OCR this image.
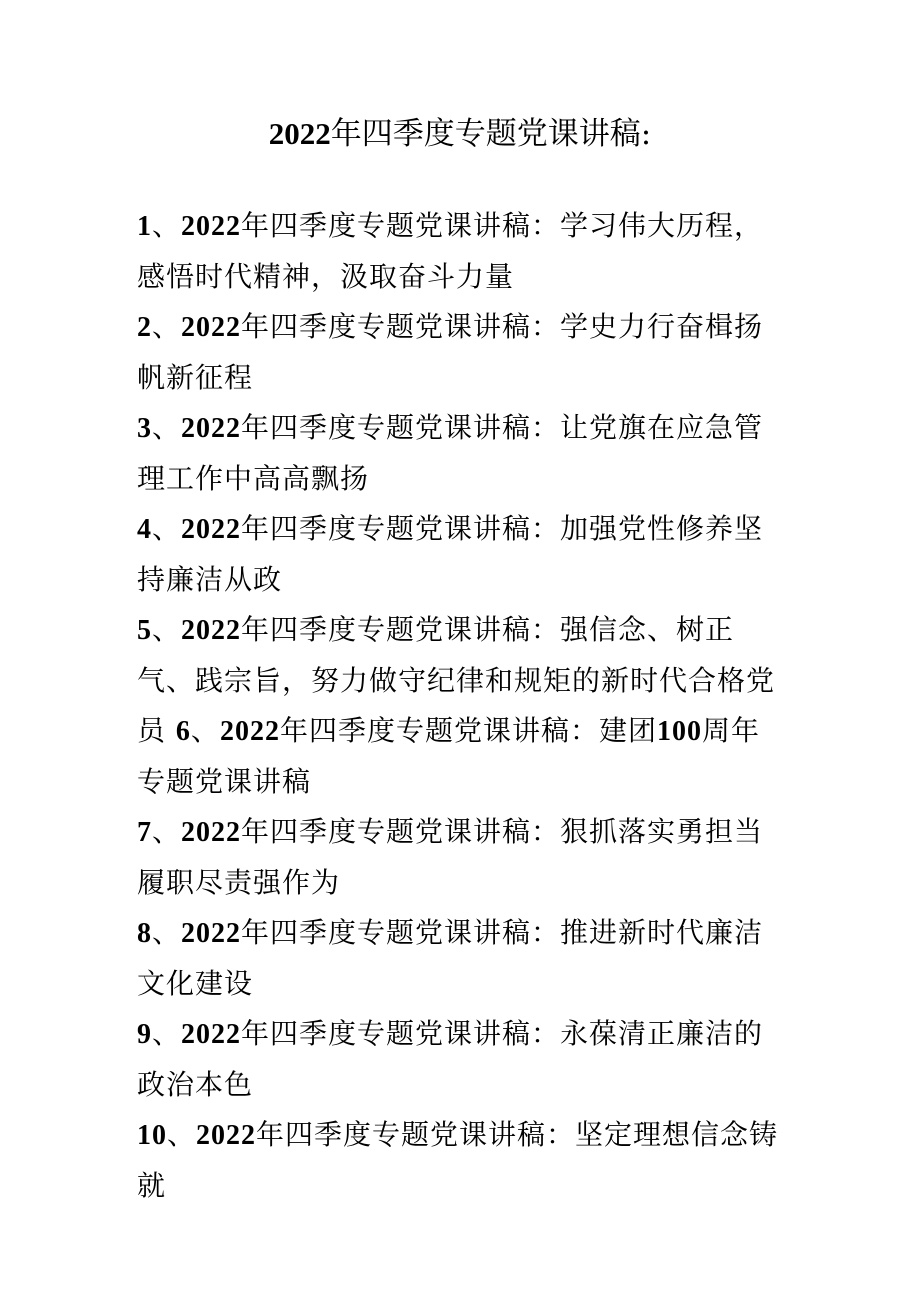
2022年四季度专题党课讲稿:

1、2022年四季度专题党课讲稿：学习伟大历程，感悟时代精神，汲取奋斗力量

2、2022年四季度专题党课讲稿：学史力行奋楫扬帆新征程

3、2022年四季度专题党课讲稿：让党旗在应急管理工作中高高飘扬

4、2022年四季度专题党课讲稿：加强党性修养坚持廉洁从政

5、2022年四季度专题党课讲稿：强信念、树正气、践宗旨，努力做守纪律和规矩的新时代合格党员

6、2022年四季度专题党课讲稿：建团100周年专题党课讲稿

7、2022年四季度专题党课讲稿：狠抓落实勇担当履职尽责强作为

8、2022年四季度专题党课讲稿：推进新时代廉洁文化建设

9、2022年四季度专题党课讲稿：永葆清正廉洁的政治本色

10、2022年四季度专题党课讲稿：坚定理想信念铸就
